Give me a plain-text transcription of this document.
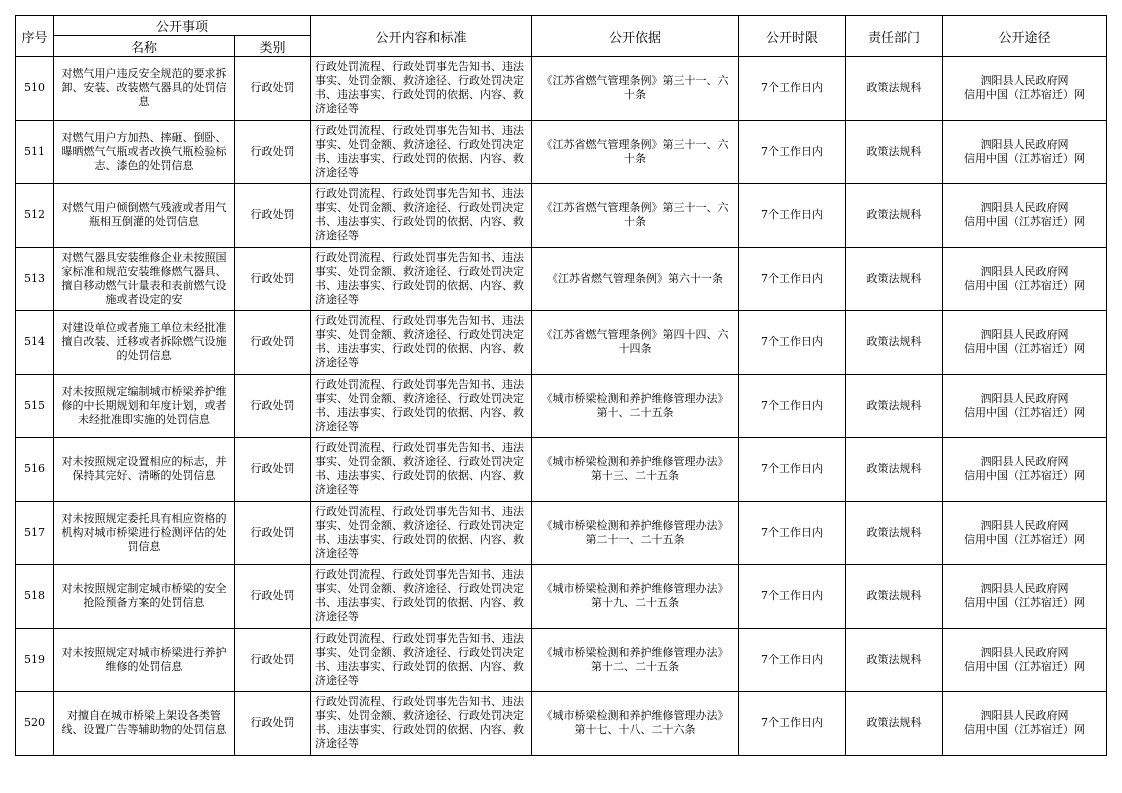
序号	公开事项		公开内容和标准	公开依据	公开时限	责任部门	公开途径
	名称	类别					

510	对燃气用户违反安全规范的要求拆卸、安装、改装燃气器具的处罚信息	行政处罚	行政处罚流程、行政处罚事先告知书、违法事实、处罚金额、救济途径、行政处罚决定书、违法事实、行政处罚的依据、内容、救济途径等	《江苏省燃气管理条例》第三十一、六十条	7个工作日内	政策法规科	泗阳县人民政府网
信用中国（江苏宿迁）网

511	对燃气用户方加热、摔砸、倒卧、曝晒燃气气瓶或者改换气瓶检验标志、漆色的处罚信息	行政处罚	行政处罚流程、行政处罚事先告知书、违法事实、处罚金额、救济途径、行政处罚决定书、违法事实、行政处罚的依据、内容、救济途径等	《江苏省燃气管理条例》第三十一、六十条	7个工作日内	政策法规科	泗阳县人民政府网
信用中国（江苏宿迁）网

512	对燃气用户倾倒燃气残液或者用气瓶相互倒灌的处罚信息	行政处罚	行政处罚流程、行政处罚事先告知书、违法事实、处罚金额、救济途径、行政处罚决定书、违法事实、行政处罚的依据、内容、救济途径等	《江苏省燃气管理条例》第三十一、六十条	7个工作日内	政策法规科	泗阳县人民政府网
信用中国（江苏宿迁）网

513	对燃气器具安装维修企业未按照国家标准和规范安装维修燃气器具、擅自移动燃气计量表和表前燃气设施或者设定的安	行政处罚	行政处罚流程、行政处罚事先告知书、违法事实、处罚金额、救济途径、行政处罚决定书、违法事实、行政处罚的依据、内容、救济途径等	《江苏省燃气管理条例》第六十一条	7个工作日内	政策法规科	泗阳县人民政府网
信用中国（江苏宿迁）网

514	对建设单位或者施工单位未经批准擅自改装、迁移或者拆除燃气设施的处罚信息	行政处罚	行政处罚流程、行政处罚事先告知书、违法事实、处罚金额、救济途径、行政处罚决定书、违法事实、行政处罚的依据、内容、救济途径等	《江苏省燃气管理条例》第四十四、六十四条	7个工作日内	政策法规科	泗阳县人民政府网
信用中国（江苏宿迁）网

515	对未按照规定编制城市桥梁养护维修的中长期规划和年度计划，或者未经批准即实施的处罚信息	行政处罚	行政处罚流程、行政处罚事先告知书、违法事实、处罚金额、救济途径、行政处罚决定书、违法事实、行政处罚的依据、内容、救济途径等	《城市桥梁检测和养护维修管理办法》第十、二十五条	7个工作日内	政策法规科	泗阳县人民政府网
信用中国（江苏宿迁）网

516	对未按照规定设置相应的标志，并保持其完好、清晰的处罚信息	行政处罚	行政处罚流程、行政处罚事先告知书、违法事实、处罚金额、救济途径、行政处罚决定书、违法事实、行政处罚的依据、内容、救济途径等	《城市桥梁检测和养护维修管理办法》第十三、二十五条	7个工作日内	政策法规科	泗阳县人民政府网
信用中国（江苏宿迁）网

517	对未按照规定委托具有相应资格的机构对城市桥梁进行检测评估的处罚信息	行政处罚	行政处罚流程、行政处罚事先告知书、违法事实、处罚金额、救济途径、行政处罚决定书、违法事实、行政处罚的依据、内容、救济途径等	《城市桥梁检测和养护维修管理办法》第二十一、二十五条	7个工作日内	政策法规科	泗阳县人民政府网
信用中国（江苏宿迁）网

518	对未按照规定制定城市桥梁的安全抢险预备方案的处罚信息	行政处罚	行政处罚流程、行政处罚事先告知书、违法事实、处罚金额、救济途径、行政处罚决定书、违法事实、行政处罚的依据、内容、救济途径等	《城市桥梁检测和养护维修管理办法》第十九、二十五条	7个工作日内	政策法规科	泗阳县人民政府网
信用中国（江苏宿迁）网

519	对未按照规定对城市桥梁进行养护维修的处罚信息	行政处罚	行政处罚流程、行政处罚事先告知书、违法事实、处罚金额、救济途径、行政处罚决定书、违法事实、行政处罚的依据、内容、救济途径等	《城市桥梁检测和养护维修管理办法》第十二、二十五条	7个工作日内	政策法规科	泗阳县人民政府网
信用中国（江苏宿迁）网

520	对擅自在城市桥梁上架设各类管线、设置广告等辅助物的处罚信息	行政处罚	行政处罚流程、行政处罚事先告知书、违法事实、处罚金额、救济途径、行政处罚决定书、违法事实、行政处罚的依据、内容、救济途径等	《城市桥梁检测和养护维修管理办法》第十七、十八、二十六条	7个工作日内	政策法规科	泗阳县人民政府网
信用中国（江苏宿迁）网
